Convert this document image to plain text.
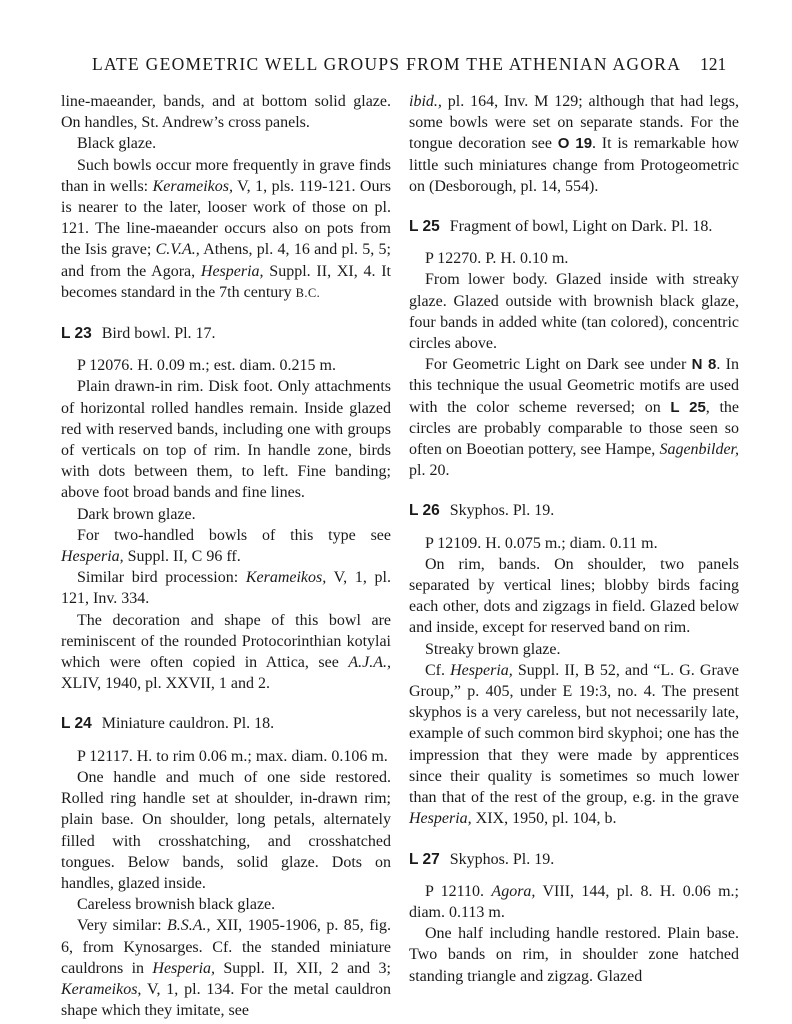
LATE GEOMETRIC WELL GROUPS FROM THE ATHENIAN AGORA 121

line-maeander, bands, and at bottom solid glaze. On handles, St. Andrew’s cross panels.

Black glaze.

Such bowls occur more frequently in grave finds than in wells: Kerameikos, V, 1, pls. 119-121. Ours is nearer to the later, looser work of those on pl. 121. The line-maeander occurs also on pots from the Isis grave; C.V.A., Athens, pl. 4, 16 and pl. 5, 5; and from the Agora, Hesperia, Suppl. II, XI, 4. It becomes standard in the 7th century B.C.

L 23 Bird bowl. Pl. 17.

P 12076. H. 0.09 m.; est. diam. 0.215 m.

Plain drawn-in rim. Disk foot. Only attachments of horizontal rolled handles remain. Inside glazed red with reserved bands, including one with groups of verticals on top of rim. In handle zone, birds with dots between them, to left. Fine banding; above foot broad bands and fine lines.

Dark brown glaze.

For two-handled bowls of this type see Hesperia, Suppl. II, C 96 ff.

Similar bird procession: Kerameikos, V, 1, pl. 121, Inv. 334.

The decoration and shape of this bowl are reminiscent of the rounded Protocorinthian kotylai which were often copied in Attica, see A.J.A., XLIV, 1940, pl. XXVII, 1 and 2.

L 24 Miniature cauldron. Pl. 18.

P 12117. H. to rim 0.06 m.; max. diam. 0.106 m.

One handle and much of one side restored. Rolled ring handle set at shoulder, in-drawn rim; plain base. On shoulder, long petals, alternately filled with crosshatching, and crosshatched tongues. Below bands, solid glaze. Dots on handles, glazed inside.

Careless brownish black glaze.

Very similar: B.S.A., XII, 1905-1906, p. 85, fig. 6, from Kynosarges. Cf. the standed miniature cauldrons in Hesperia, Suppl. II, XII, 2 and 3; Kerameikos, V, 1, pl. 134. For the metal cauldron shape which they imitate, see

ibid., pl. 164, Inv. M 129; although that had legs, some bowls were set on separate stands. For the tongue decoration see O 19. It is remarkable how little such miniatures change from Protogeometric on (Desborough, pl. 14, 554).

L 25 Fragment of bowl, Light on Dark. Pl. 18.

P 12270. P. H. 0.10 m.

From lower body. Glazed inside with streaky glaze. Glazed outside with brownish black glaze, four bands in added white (tan colored), concentric circles above.

For Geometric Light on Dark see under N 8. In this technique the usual Geometric motifs are used with the color scheme reversed; on L 25, the circles are probably comparable to those seen so often on Boeotian pottery, see Hampe, Sagenbilder, pl. 20.

L 26 Skyphos. Pl. 19.

P 12109. H. 0.075 m.; diam. 0.11 m.

On rim, bands. On shoulder, two panels separated by vertical lines; blobby birds facing each other, dots and zigzags in field. Glazed below and inside, except for reserved band on rim.

Streaky brown glaze.

Cf. Hesperia, Suppl. II, B 52, and “L. G. Grave Group,” p. 405, under E 19:3, no. 4. The present skyphos is a very careless, but not necessarily late, example of such common bird skyphoi; one has the impression that they were made by apprentices since their quality is sometimes so much lower than that of the rest of the group, e.g. in the grave Hesperia, XIX, 1950, pl. 104, b.

L 27 Skyphos. Pl. 19.

P 12110. Agora, VIII, 144, pl. 8. H. 0.06 m.; diam. 0.113 m.

One half including handle restored. Plain base. Two bands on rim, in shoulder zone hatched standing triangle and zigzag. Glazed
